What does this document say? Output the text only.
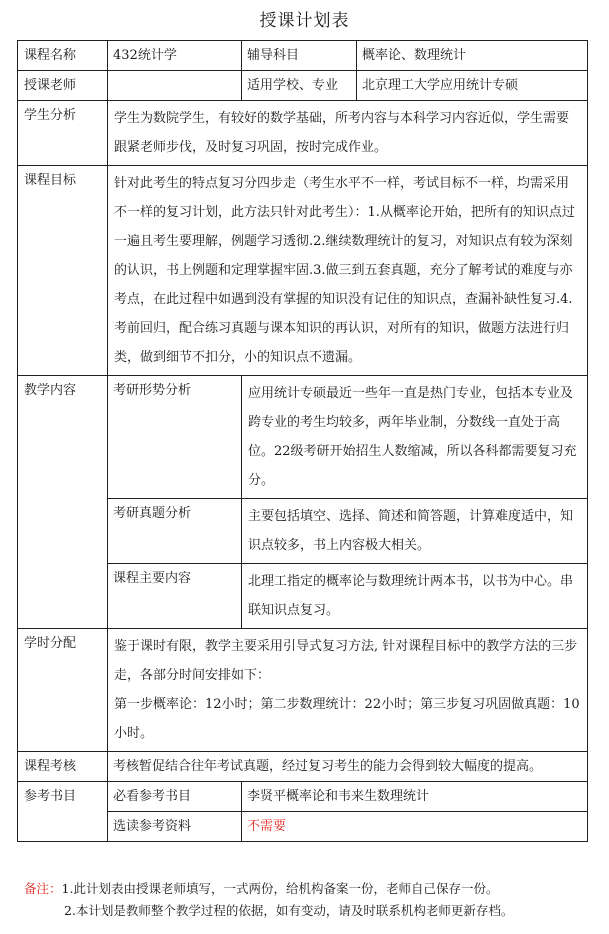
授课计划表
课程名称	432统计学	辅导科目	概率论、数理统计
授课老师		适用学校、专业	北京理工大学应用统计专硕
学生分析	学生为数院学生，有较好的数学基础，所考内容与本科学习内容近似，学生需要跟紧老师步伐，及时复习巩固，按时完成作业。		
课程目标	针对此考生的特点复习分四步走（考生水平不一样，考试目标不一样，均需采用不一样的复习计划，此方法只针对此考生）：1.从概率论开始，把所有的知识点过一遍且考生要理解，例题学习透彻.2.继续数理统计的复习，对知识点有较为深刻的认识，书上例题和定理掌握牢固.3.做三到五套真题，充分了解考试的难度与亦考点，在此过程中如遇到没有掌握的知识没有记住的知识点，查漏补缺性复习.4.考前回归，配合练习真题与课本知识的再认识，对所有的知识，做题方法进行归类，做到细节不扣分，小的知识点不遗漏。		
教学内容	考研形势分析	应用统计专硕最近一些年一直是热门专业，包括本专业及跨专业的考生均较多，两年毕业制，分数线一直处于高位。22级考研开始招生人数缩减，所以各科都需要复习充分。	
	考研真题分析	主要包括填空、选择、简述和简答题，计算难度适中，知识点较多，书上内容极大相关。	
	课程主要内容	北理工指定的概率论与数理统计两本书，以书为中心。串联知识点复习。	
学时分配	鉴于课时有限，教学主要采用引导式复习方法, 针对课程目标中的教学方法的三步走，各部分时间安排如下：
第一步概率论：12小时；第二步数理统计：22小时；第三步复习巩固做真题：10小时。		

课程考核	考核暂促结合往年考试真题，经过复习考生的能力会得到较大幅度的提高。		
参考书目	必看参考书目	李贤平概率论和韦来生数理统计	
	选读参考资料	不需要	
备注：1.此计划表由授课老师填写，一式两份，给机构备案一份，老师自己保存一份。
2.本计划是教师整个教学过程的依据，如有变动，请及时联系机构老师更新存档。
